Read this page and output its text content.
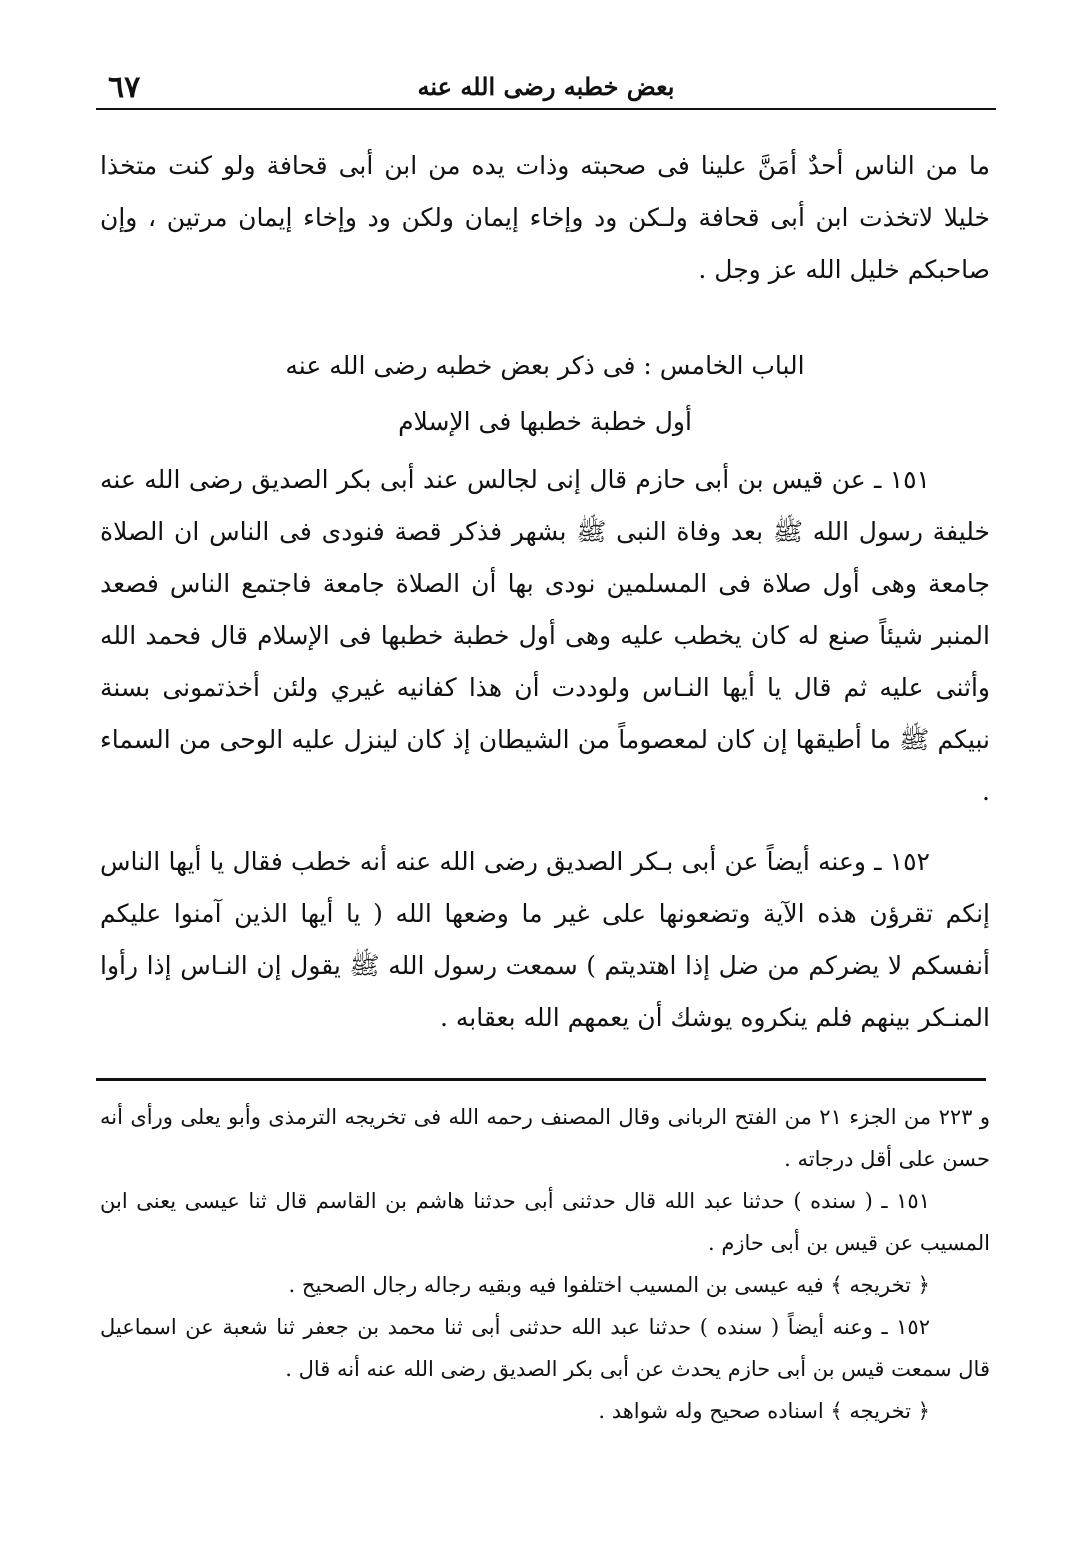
بعض خطبه رضى الله عنه
٦٧

ما من الناس أحدٌ أمَنَّ علينا فى صحبته وذات يده من ابن أبى قحافة ولو كنت متخذا خليلا لاتخذت ابن أبى قحافة ولـكن ود وإخاء إيمان ولكن ود وإخاء إيمان مرتين ، وإن صاحبكم خليل الله عز وجل .

الباب الخامس : فى ذكر بعض خطبه رضى الله عنه
أول خطبة خطبها فى الإسلام

١٥١ ـ عن قيس بن أبى حازم قال إنى لجالس عند أبى بكر الصديق رضى الله عنه خليفة رسول الله ﷺ بعد وفاة النبى ﷺ بشهر فذكر قصة فنودى فى الناس ان الصلاة جامعة وهى أول صلاة فى المسلمين نودى بها أن الصلاة جامعة فاجتمع الناس فصعد المنبر شيئاً صنع له كان يخطب عليه وهى أول خطبة خطبها فى الإسلام قال فحمد الله وأثنى عليه ثم قال يا أيها النـاس ولوددت أن هذا كفانيه غيري ولئن أخذتمونى بسنة نبيكم ﷺ ما أطيقها إن كان لمعصوماً من الشيطان إذ كان لينزل عليه الوحى من السماء .

١٥٢ ـ وعنه أيضاً عن أبى بـكر الصديق رضى الله عنه أنه خطب فقال يا أيها الناس إنكم تقرؤن هذه الآية وتضعونها على غير ما وضعها الله ( يا أيها الذين آمنوا عليكم أنفسكم لا يضركم من ضل إذا اهتديتم ) سمعت رسول الله ﷺ يقول إن النـاس إذا رأوا المنـكر بينهم فلم ينكروه يوشك أن يعمهم الله بعقابه .

و ٢٢٣ من الجزء ٢١ من الفتح الربانى وقال المصنف رحمه الله فى تخريجه الترمذى وأبو يعلى ورأى أنه حسن على أقل درجاته .

١٥١ ـ ( سنده ) حدثنا عبد الله قال حدثنى أبى حدثنا هاشم بن القاسم قال ثنا عيسى يعنى ابن المسيب عن قيس بن أبى حازم .

﴿ تخريجه ﴾ فيه عيسى بن المسيب اختلفوا فيه وبقيه رجاله رجال الصحيح .

١٥٢ ـ وعنه أيضاً ( سنده ) حدثنا عبد الله حدثنى أبى ثنا محمد بن جعفر ثنا شعبة عن اسماعيل قال سمعت قيس بن أبى حازم يحدث عن أبى بكر الصديق رضى الله عنه أنه قال .

﴿ تخريجه ﴾ اسناده صحيح وله شواهد .
